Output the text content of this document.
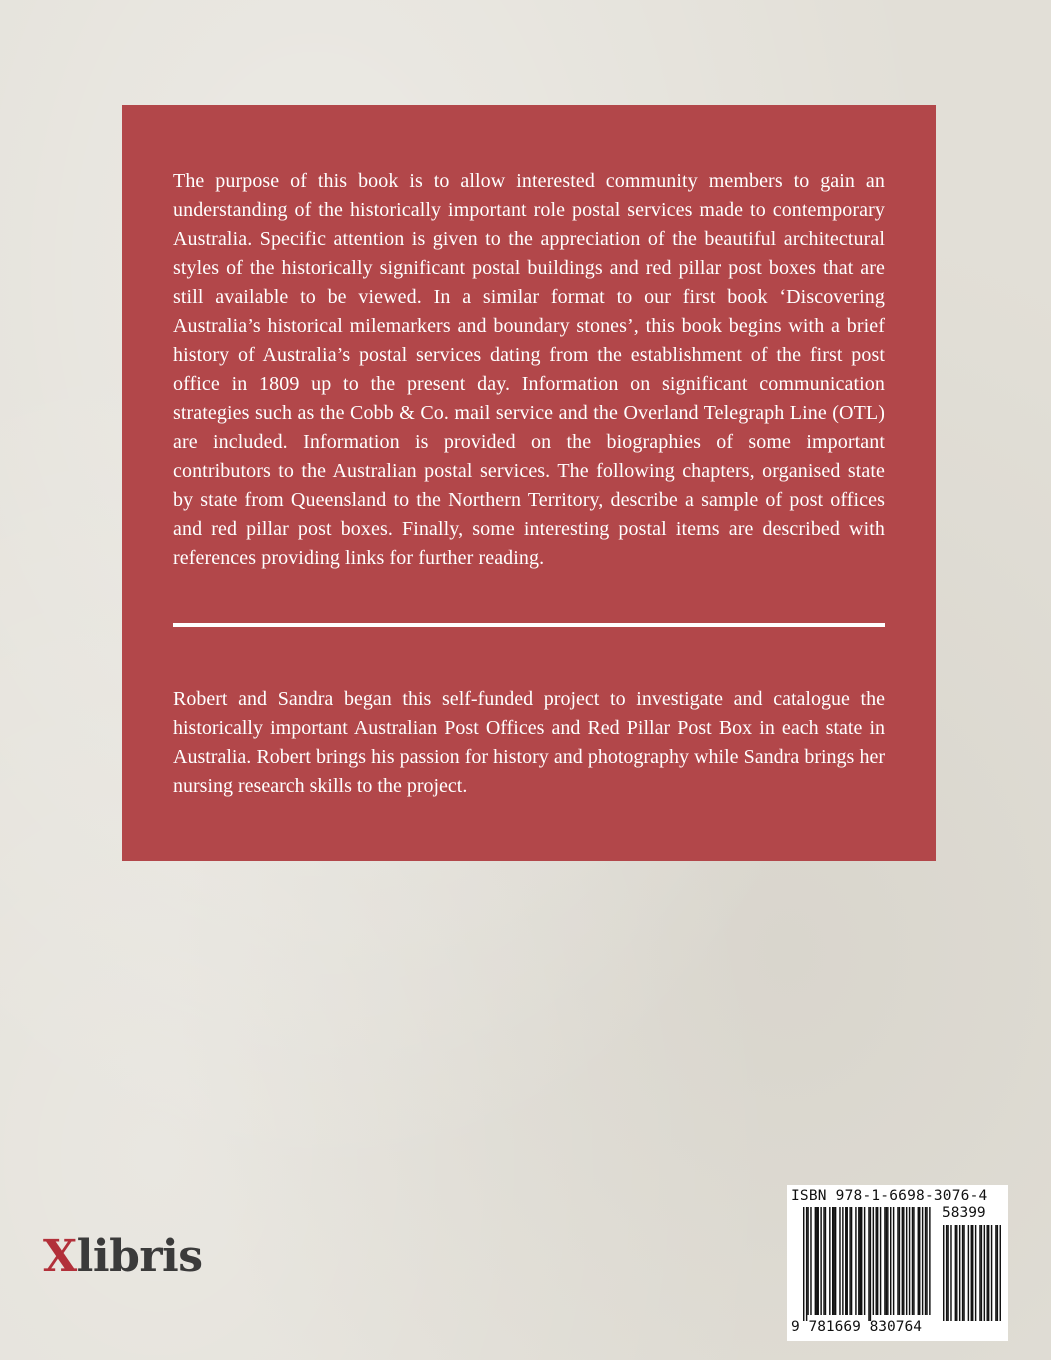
The purpose of this book is to allow interested community members to gain an understanding of the historically important role postal services made to contemporary Australia. Specific attention is given to the appreciation of the beautiful architectural styles of the historically significant postal buildings and red pillar post boxes that are still available to be viewed. In a similar format to our first book ‘Discovering Australia’s historical milemarkers and boundary stones’, this book begins with a brief history of Australia’s postal services dating from the establishment of the first post office in 1809 up to the present day. Information on significant communication strategies such as the Cobb & Co. mail service and the Overland Telegraph Line (OTL) are included. Information is provided on the biographies of some important contributors to the Australian postal services. The following chapters, organised state by state from Queensland to the Northern Territory, describe a sample of post offices and red pillar post boxes. Finally, some interesting postal items are described with references providing links for further reading.

Robert and Sandra began this self-funded project to investigate and catalogue the historically important Australian Post Offices and Red Pillar Post Box in each state in Australia. Robert brings his passion for history and photography while Sandra brings her nursing research skills to the project.

Xlibris
ISBN 978-1-6698-3076-4
58399
9 781669 830764
